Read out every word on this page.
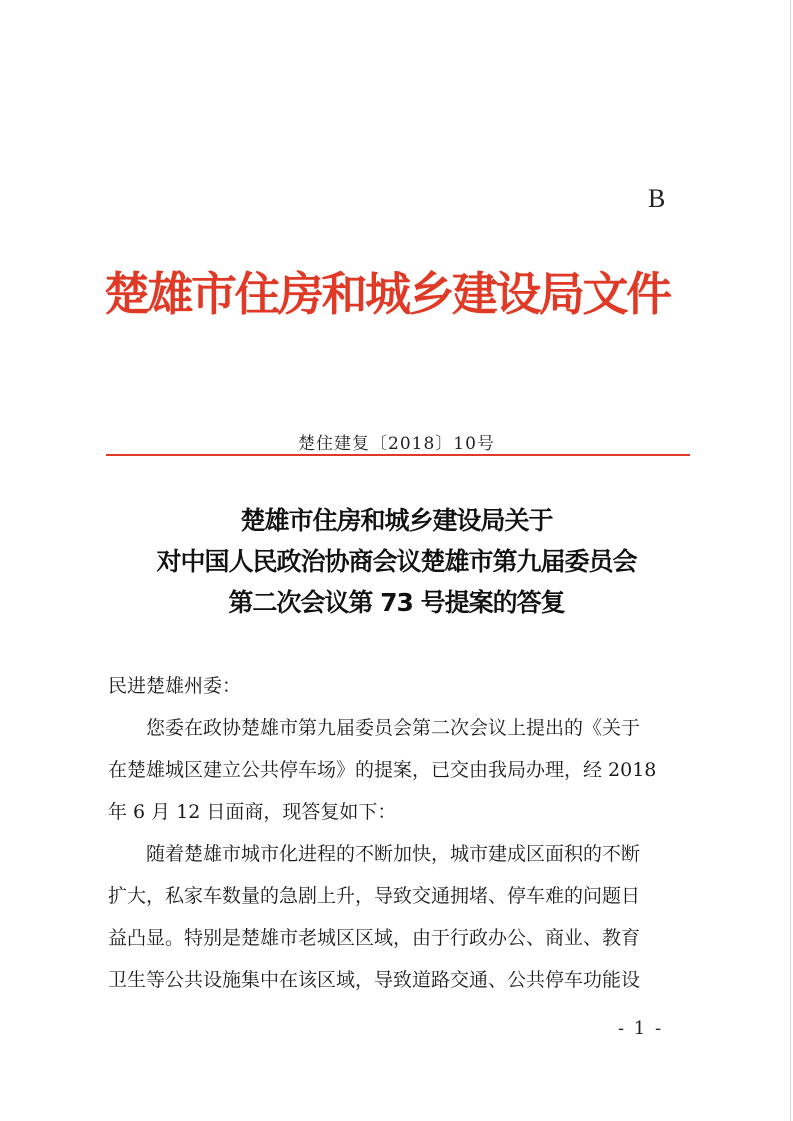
B
楚雄市住房和城乡建设局文件
楚住建复〔2018〕10号
楚雄市住房和城乡建设局关于
对中国人民政治协商会议楚雄市第九届委员会
第二次会议第 73 号提案的答复
民进楚雄州委：
您委在政协楚雄市第九届委员会第二次会议上提出的《关于
在楚雄城区建立公共停车场》的提案，已交由我局办理，经 2018
年 6 月 12 日面商，现答复如下：
随着楚雄市城市化进程的不断加快，城市建成区面积的不断
扩大，私家车数量的急剧上升，导致交通拥堵、停车难的问题日
益凸显。特别是楚雄市老城区区域，由于行政办公、商业、教育
卫生等公共设施集中在该区域，导致道路交通、公共停车功能设
- 1 -
